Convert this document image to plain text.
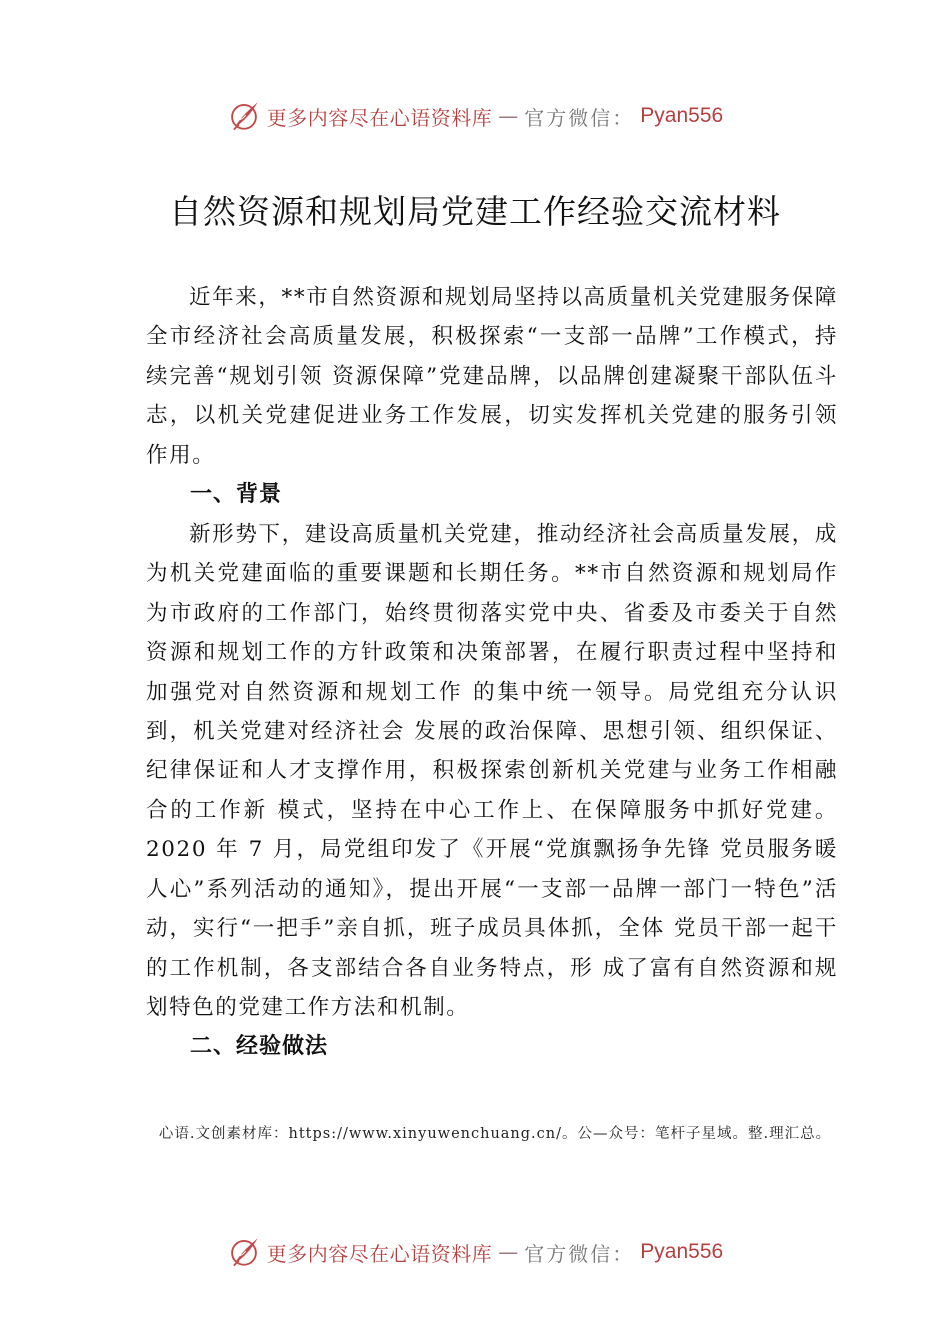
更多内容尽在心语资料库 — 官方微信： Pyan556
自然资源和规划局党建工作经验交流材料

近年来，**市自然资源和规划局坚持以高质量机关党建服务保障全市经济社会高质量发展，积极探索“一支部一品牌”工作模式，持续完善“规划引领 资源保障”党建品牌，以品牌创建凝聚干部队伍斗志，以机关党建促进业务工作发展，切实发挥机关党建的服务引领作用。

一、背景

新形势下，建设高质量机关党建，推动经济社会高质量发展，成为机关党建面临的重要课题和长期任务。**市自然资源和规划局作为市政府的工作部门，始终贯彻落实党中央、省委及市委关于自然资源和规划工作的方针政策和决策部署，在履行职责过程中坚持和加强党对自然资源和规划工作 的集中统一领导。局党组充分认识到，机关党建对经济社会 发展的政治保障、思想引领、组织保证、纪律保证和人才支撑作用，积极探索创新机关党建与业务工作相融合的工作新 模式，坚持在中心工作上、在保障服务中抓好党建。2020 年 7 月，局党组印发了《开展“党旗飘扬争先锋 党员服务暖人心”系列活动的通知》，提出开展“一支部一品牌一部门一特色”活动，实行“一把手”亲自抓，班子成员具体抓，全体 党员干部一起干的工作机制，各支部结合各自业务特点，形 成了富有自然资源和规划特色的党建工作方法和机制。

二、经验做法
心语.文创素材库：https://www.xinyuwenchuang.cn/。公—众号：笔杆子星域。整.理汇总。
更多内容尽在心语资料库 — 官方微信： Pyan556
